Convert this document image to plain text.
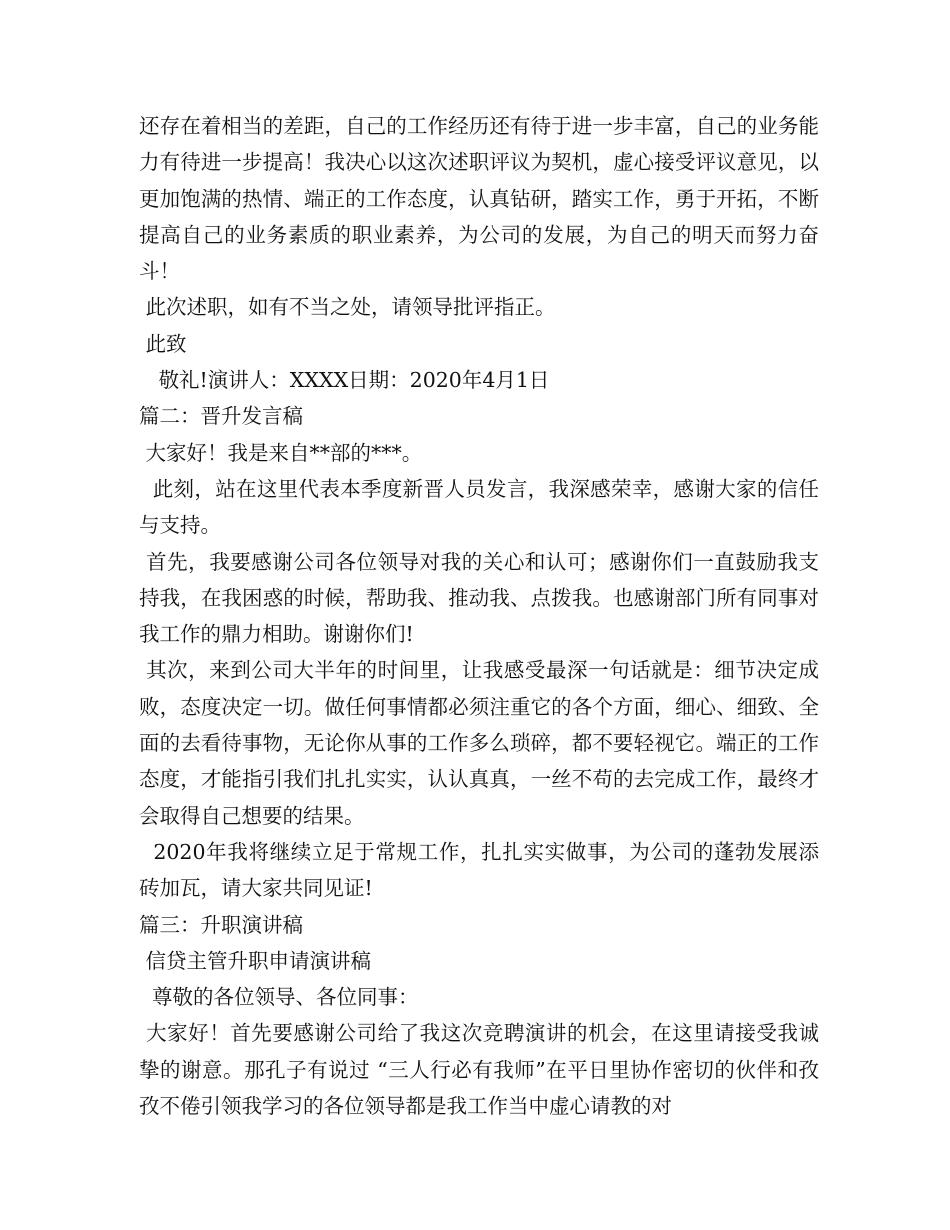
还存在着相当的差距，自己的工作经历还有待于进一步丰富，自己的业务能力有待进一步提高！我决心以这次述职评议为契机，虚心接受评议意见，以更加饱满的热情、端正的工作态度，认真钻研，踏实工作，勇于开拓，不断提高自己的业务素质的职业素养，为公司的发展，为自己的明天而努力奋斗！

此次述职，如有不当之处，请领导批评指正。

此致

敬礼!演讲人：XXXX日期：2020年4月1日

篇二：晋升发言稿

大家好！我是来自**部的***。

此刻，站在这里代表本季度新晋人员发言，我深感荣幸，感谢大家的信任与支持。

首先，我要感谢公司各位领导对我的关心和认可；感谢你们一直鼓励我支持我，在我困惑的时候，帮助我、推动我、点拨我。也感谢部门所有同事对我工作的鼎力相助。谢谢你们!

其次，来到公司大半年的时间里，让我感受最深一句话就是：细节决定成败，态度决定一切。做任何事情都必须注重它的各个方面，细心、细致、全面的去看待事物，无论你从事的工作多么琐碎，都不要轻视它。端正的工作态度，才能指引我们扎扎实实，认认真真，一丝不苟的去完成工作，最终才会取得自己想要的结果。

2020年我将继续立足于常规工作，扎扎实实做事，为公司的蓬勃发展添砖加瓦，请大家共同见证!

篇三：升职演讲稿

信贷主管升职申请演讲稿

尊敬的各位领导、各位同事：

大家好！首先要感谢公司给了我这次竞聘演讲的机会，在这里请接受我诚挚的谢意。那孔子有说过 “三人行必有我师”在平日里协作密切的伙伴和孜孜不倦引领我学习的各位领导都是我工作当中虚心请教的对
